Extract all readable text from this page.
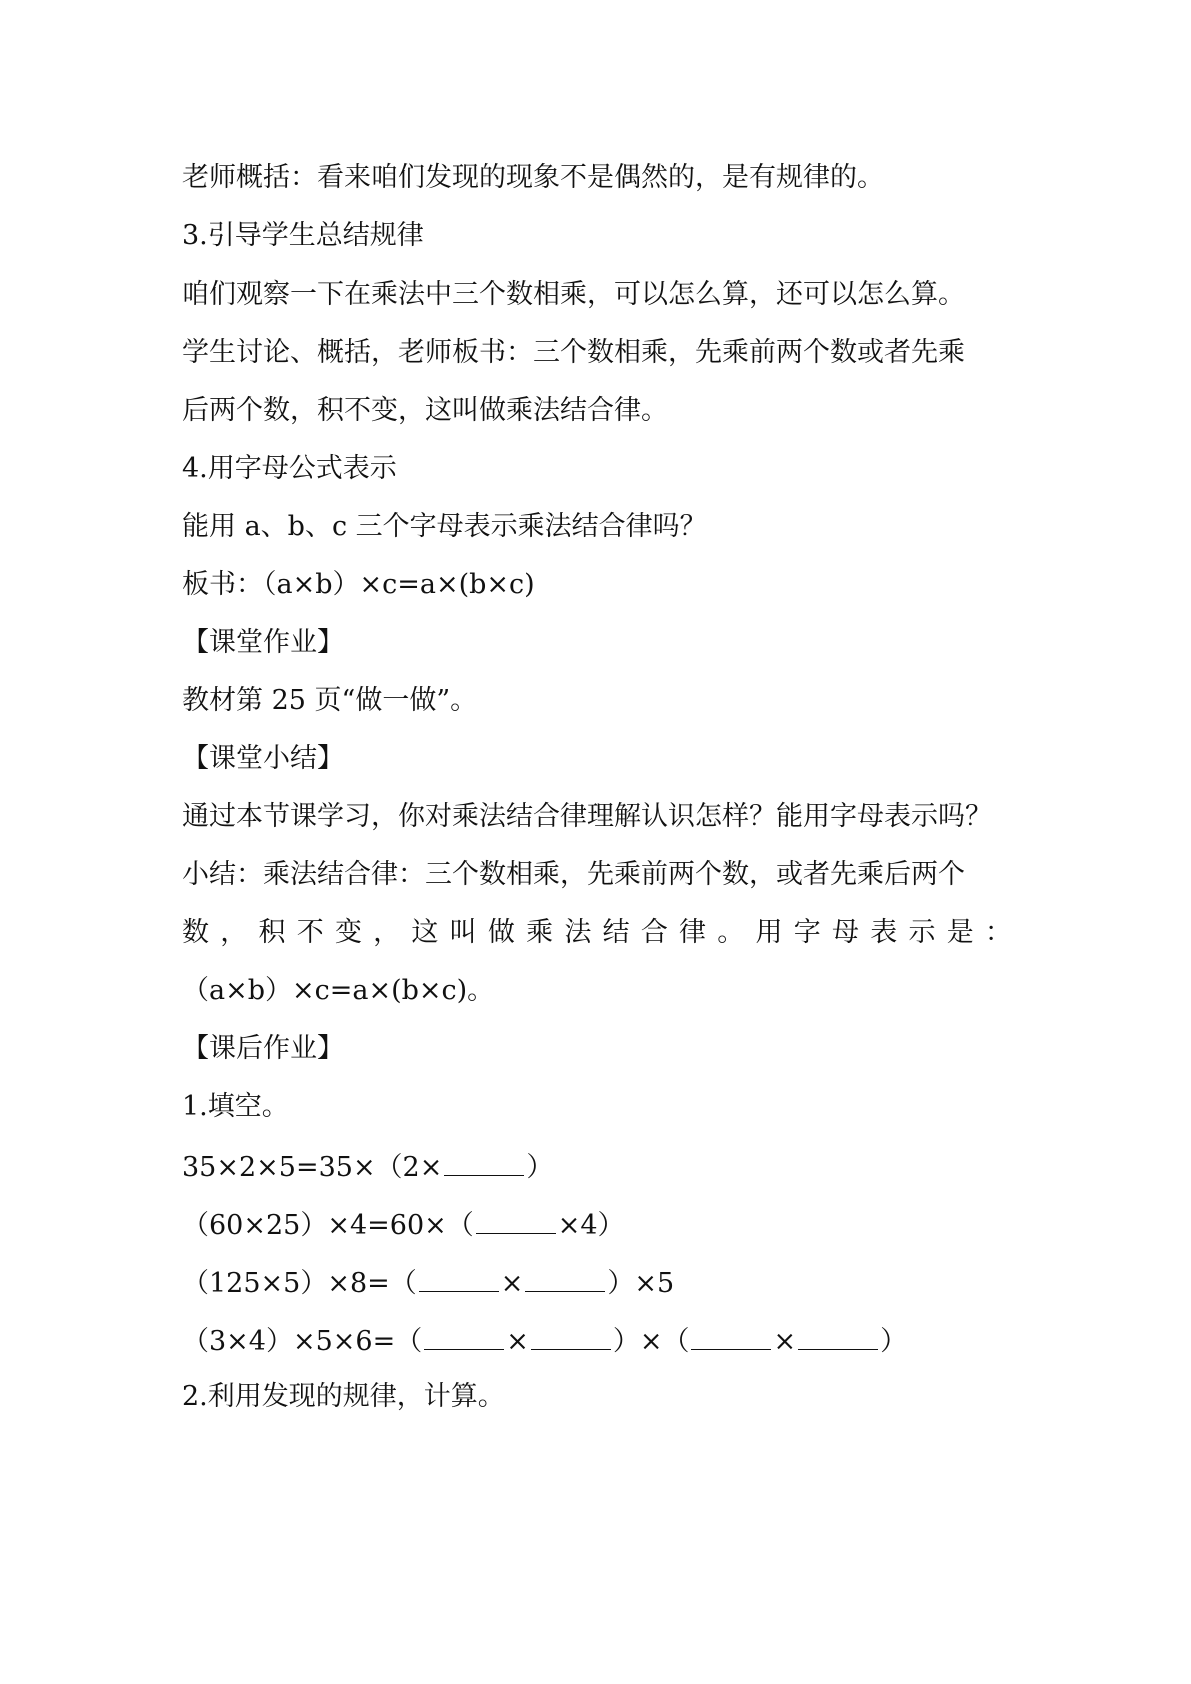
老师概括：看来咱们发现的现象不是偶然的，是有规律的。
3.引导学生总结规律
咱们观察一下在乘法中三个数相乘，可以怎么算，还可以怎么算。
学生讨论、概括，老师板书：三个数相乘，先乘前两个数或者先乘
后两个数，积不变，这叫做乘法结合律。
4.用字母公式表示
能用 a、b、c 三个字母表示乘法结合律吗？
板书：（a×b）×c=a×(b×c)
【课堂作业】
教材第 25 页“做一做”。
【课堂小结】
通过本节课学习，你对乘法结合律理解认识怎样？能用字母表示吗？
小结：乘法结合律：三个数相乘，先乘前两个数，或者先乘后两个
数 ， 积 不 变 ， 这 叫 做 乘 法 结 合 律 。 用 字 母 表 示 是 ：
（a×b）×c=a×(b×c)。
【课后作业】
1.填空。
35×2×5=35×（2×	）
（60×25）×4=60×（	×4）
（125×5）×8=（	×	）×5
（3×4）×5×6=（	×	）×（	×	）
2.利用发现的规律，计算。
